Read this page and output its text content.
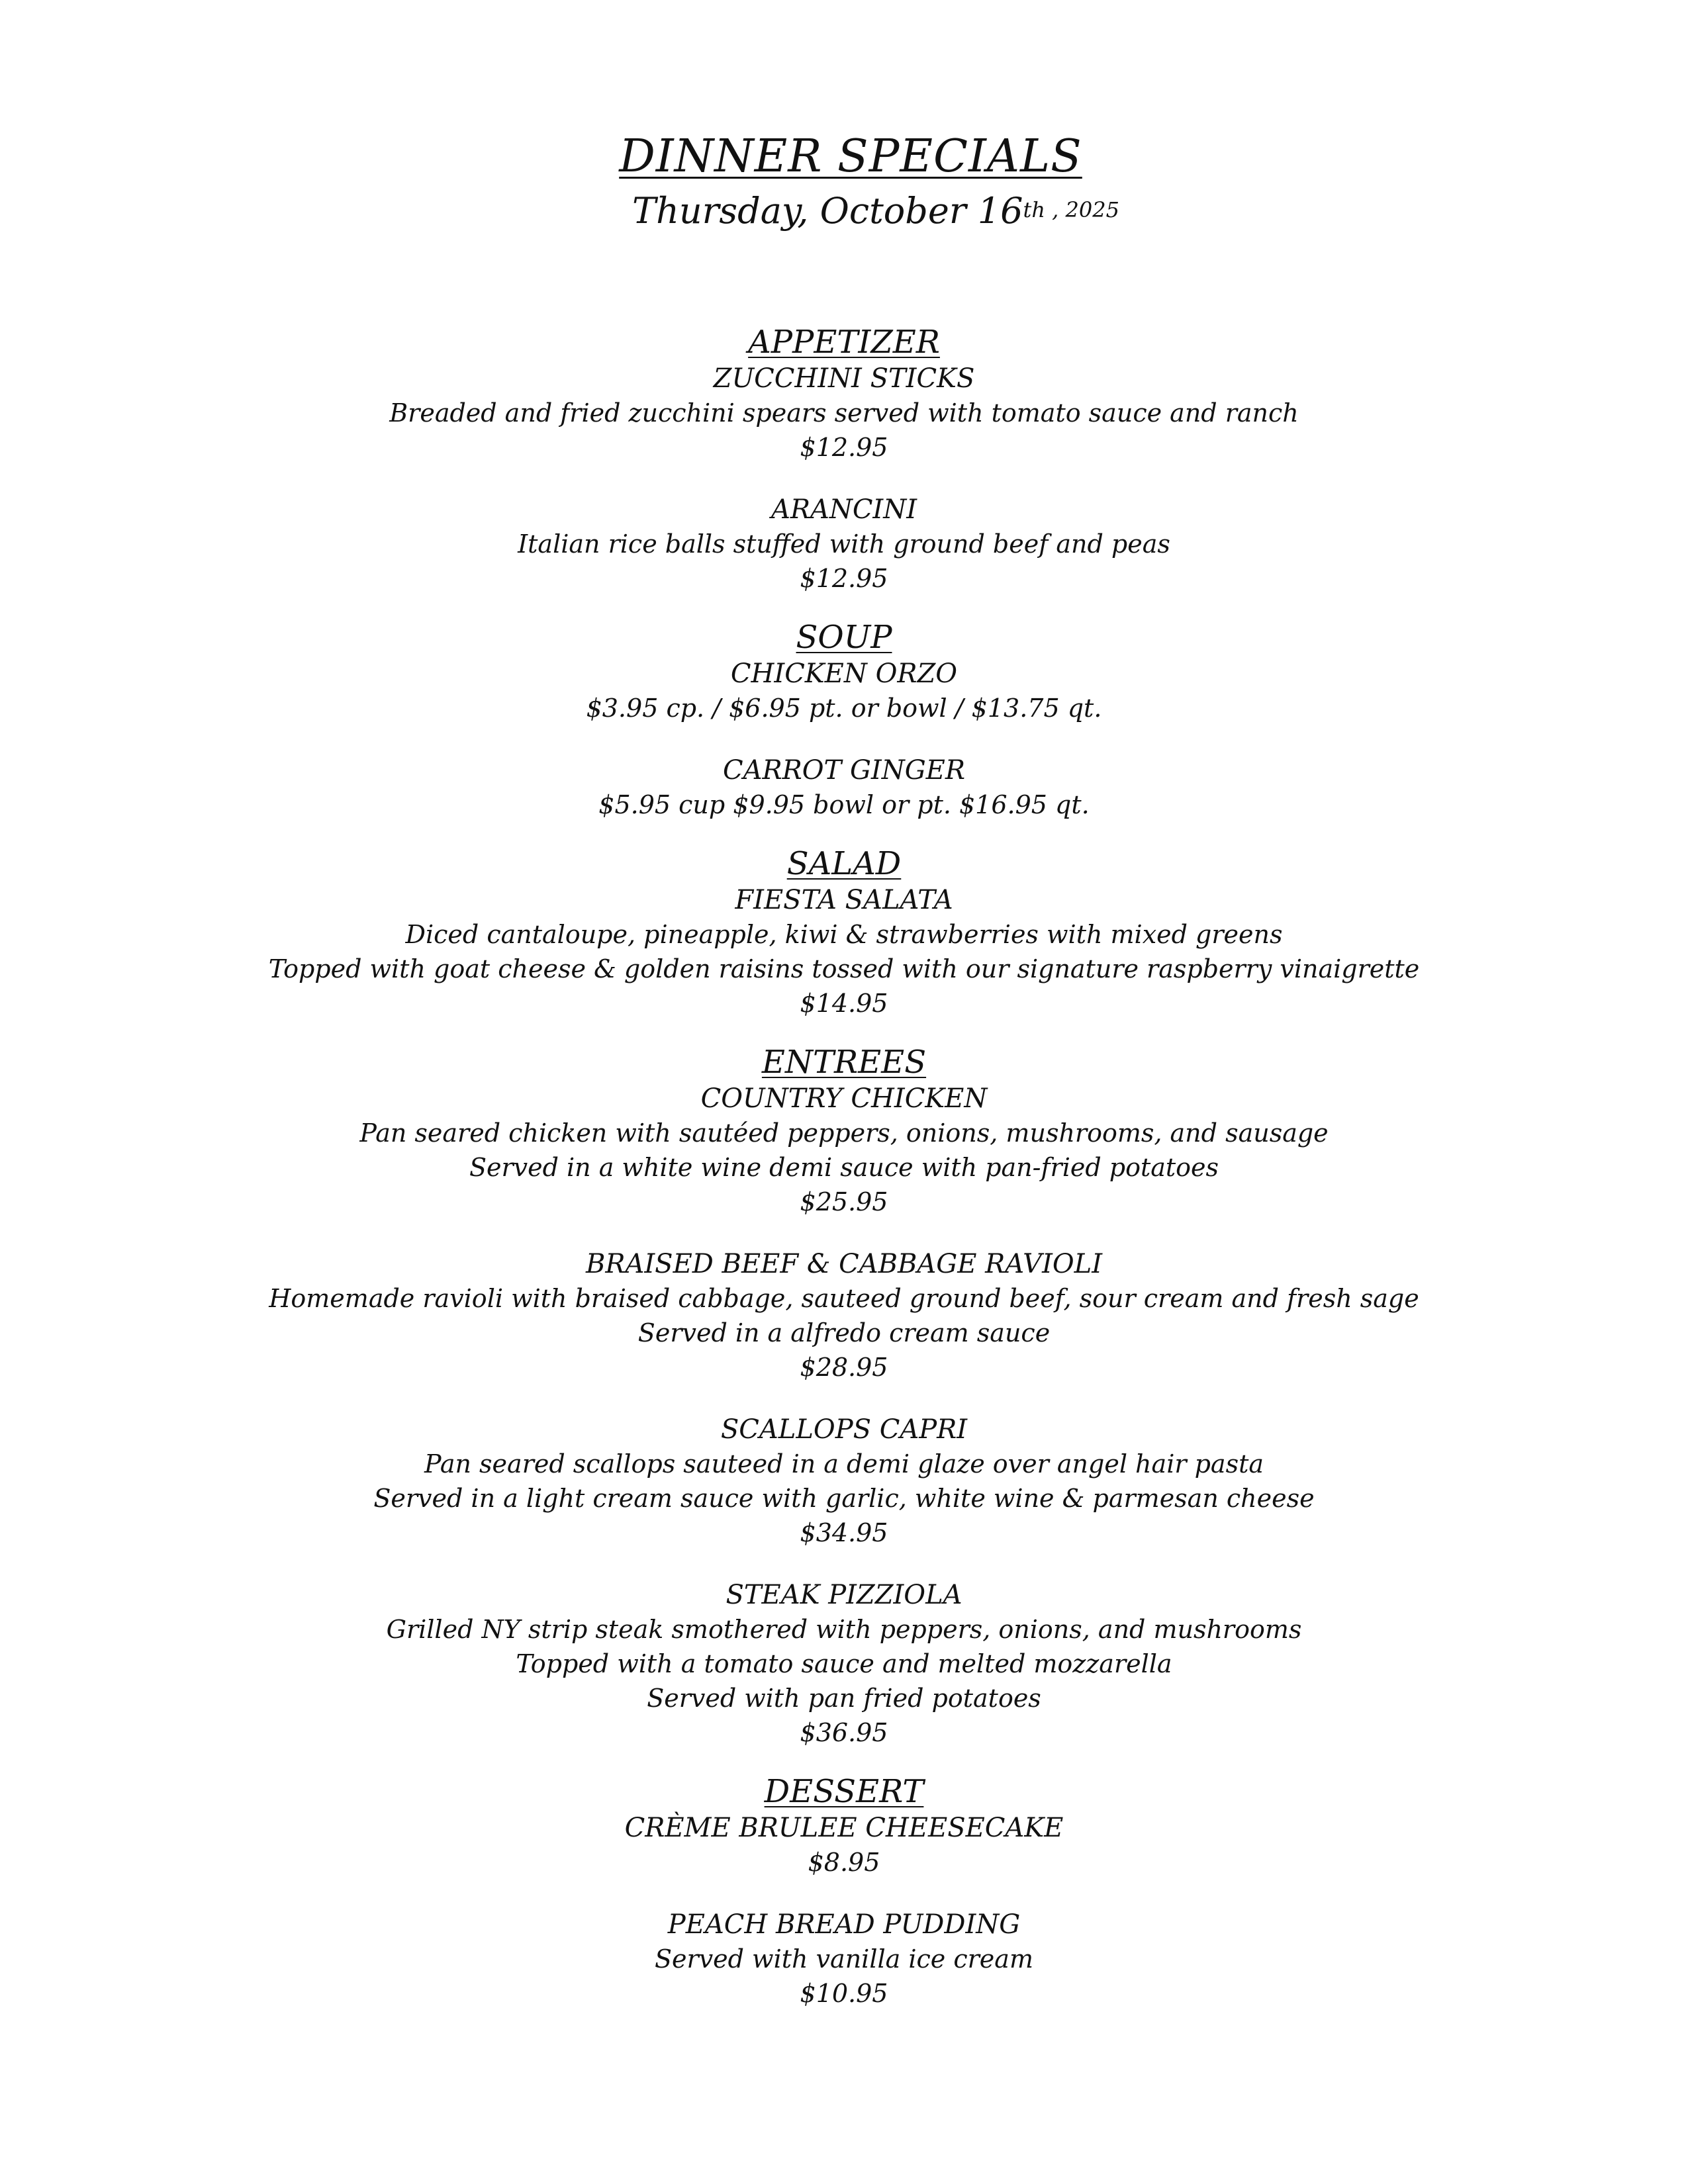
DINNER SPECIALS
Thursday, October 16th $^{, 2025}$
APPETIZER
ZUCCHINI STICKS
Breaded and fried zucchini spears served with tomato sauce and ranch
$12.95
ARANCINI
Italian rice balls stuffed with ground beef and peas
$12.95
SOUP
CHICKEN ORZO
$3.95 cp. / $6.95 pt. or bowl / $13.75 qt.
CARROT GINGER
$5.95 cup $9.95 bowl or pt. $16.95 qt.
SALAD
FIESTA SALATA
Diced cantaloupe, pineapple, kiwi & strawberries with mixed greens
Topped with goat cheese & golden raisins tossed with our signature raspberry vinaigrette
$14.95
ENTREES
COUNTRY CHICKEN
Pan seared chicken with sautéed peppers, onions, mushrooms, and sausage
Served in a white wine demi sauce with pan-fried potatoes
$25.95
BRAISED BEEF & CABBAGE RAVIOLI
Homemade ravioli with braised cabbage, sauteed ground beef, sour cream and fresh sage
Served in a alfredo cream sauce
$28.95
SCALLOPS CAPRI
Pan seared scallops sauteed in a demi glaze over angel hair pasta
Served in a light cream sauce with garlic, white wine & parmesan cheese
$34.95
STEAK PIZZIOLA
Grilled NY strip steak smothered with peppers, onions, and mushrooms
Topped with a tomato sauce and melted mozzarella
Served with pan fried potatoes
$36.95
DESSERT
CRÈME BRULEE CHEESECAKE
$8.95
PEACH BREAD PUDDING
Served with vanilla ice cream
$10.95
